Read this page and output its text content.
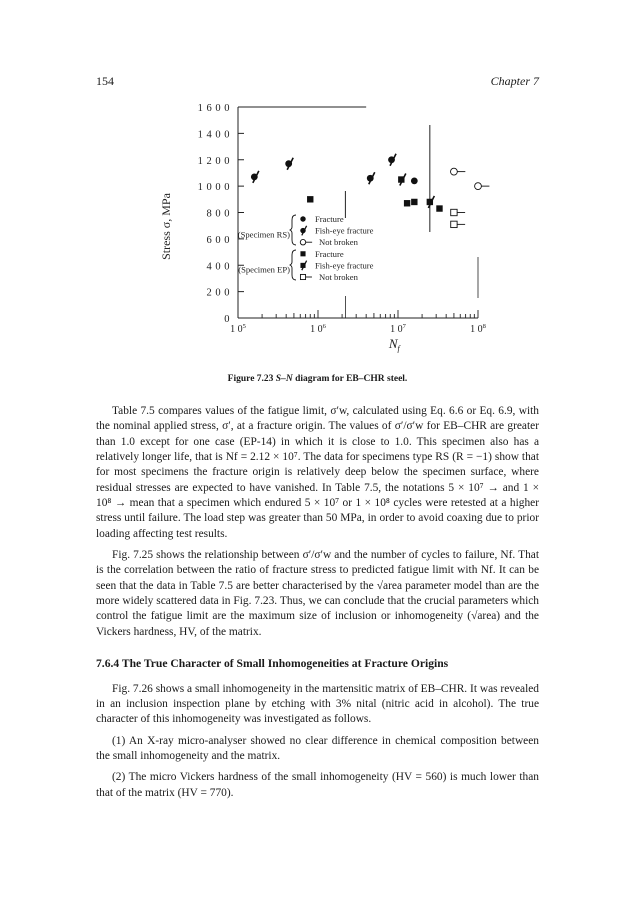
154	Chapter 7
0
2 0 0
4 0 0
6 0 0
8 0 0
1 0 0 0
1 2 0 0
1 4 0 0
1 6 0 0
1 $0^5$	1 $0^6$	1 $0^7$	1 $0^8$
Fracture
Fish-eye fracture
Not broken
Fracture
Fish-eye fracture
Not broken
(Specimen RS)
(Specimen EP)
Stress σ, MPa
$N_f$
Figure 7.23 S–N diagram for EB–CHR steel.

Table 7.5 compares values of the fatigue limit, σ′w, calculated using Eq. 6.6 or Eq. 6.9, with the nominal applied stress, σ′, at a fracture origin. The values of σ′/σ′w for EB–CHR are greater than 1.0 except for one case (EP-14) in which it is close to 1.0. This specimen also has a relatively longer life, that is Nf = 2.12 × 10⁷. The data for specimens type RS (R = −1) show that for most specimens the fracture origin is relatively deep below the specimen surface, where residual stresses are expected to have vanished. In Table 7.5, the notations 5 × 10⁷ → and 1 × 10⁸ → mean that a specimen which endured 5 × 10⁷ or 1 × 10⁸ cycles were retested at a higher stress until failure. The load step was greater than 50 MPa, in order to avoid coaxing due to prior loading affecting test results.

Fig. 7.25 shows the relationship between σ′/σ′w and the number of cycles to failure, Nf. That is the correlation between the ratio of fracture stress to predicted fatigue limit with Nf. It can be seen that the data in Table 7.5 are better characterised by the √area parameter model than are the more widely scattered data in Fig. 7.23. Thus, we can conclude that the crucial parameters which control the fatigue limit are the maximum size of inclusion or inhomogeneity (√area) and the Vickers hardness, HV, of the matrix.

7.6.4 The True Character of Small Inhomogeneities at Fracture Origins

Fig. 7.26 shows a small inhomogeneity in the martensitic matrix of EB–CHR. It was revealed in an inclusion inspection plane by etching with 3% nital (nitric acid in alcohol). The true character of this inhomogeneity was investigated as follows.

(1) An X-ray micro-analyser showed no clear difference in chemical composition between the small inhomogeneity and the matrix.

(2) The micro Vickers hardness of the small inhomogeneity (HV = 560) is much lower than that of the matrix (HV = 770).
